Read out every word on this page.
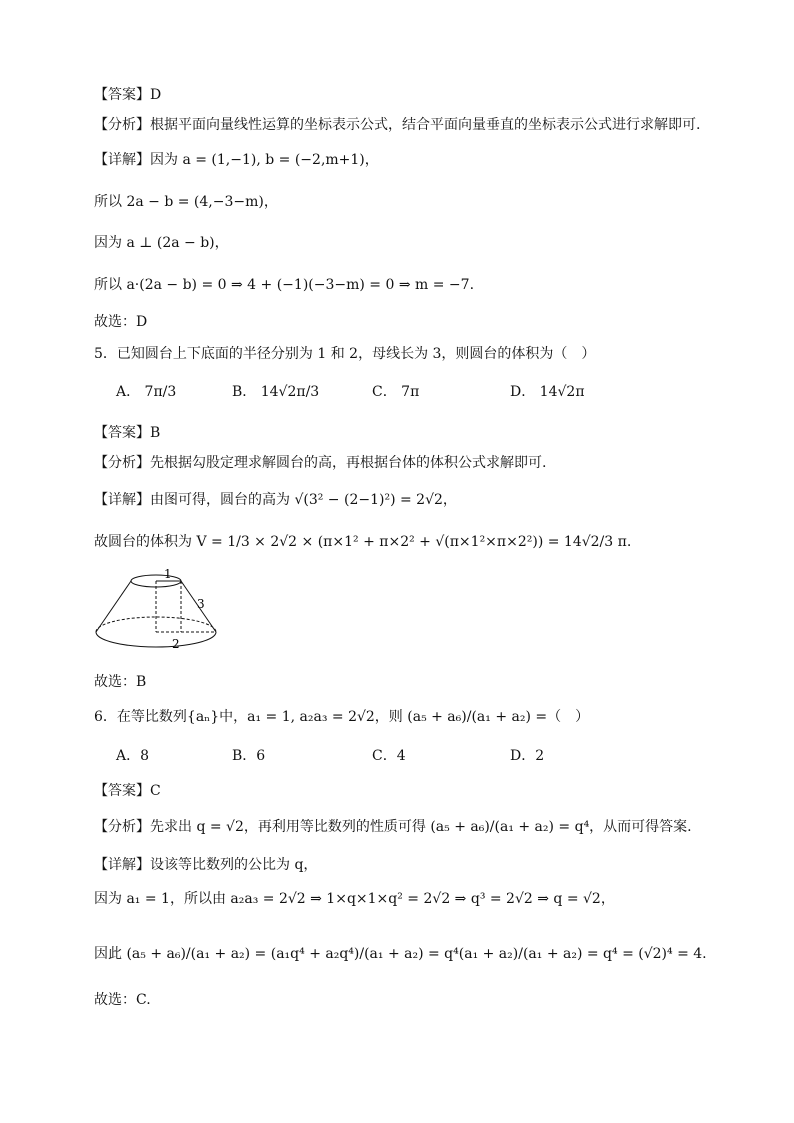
【答案】D
【分析】根据平面向量线性运算的坐标表示公式，结合平面向量垂直的坐标表示公式进行求解即可.
【详解】因为 a = (1,−1), b = (−2,m+1)，
所以 2a − b = (4,−3−m)，
因为 a ⊥ (2a − b)，
所以 a·(2a − b) = 0 ⇒ 4 + (−1)(−3−m) = 0 ⇒ m = −7.
故选：D
5．已知圆台上下底面的半径分别为 1 和 2，母线长为 3，则圆台的体积为（　）
A． 7π/3	B． 14√2π/3	C． 7π	D． 14√2π
【答案】B
【分析】先根据勾股定理求解圆台的高，再根据台体的体积公式求解即可.
【详解】由图可得，圆台的高为 √(3² − (2−1)²) = 2√2，
故圆台的体积为 V = 1/3 × 2√2 × (π×1² + π×2² + √(π×1²×π×2²)) = 14√2/3 π.
1
3
2
故选：B
6．在等比数列{aₙ}中，a₁ = 1, a₂a₃ = 2√2，则 (a₅ + a₆)/(a₁ + a₂) =（　）
A．8	B．6	C．4	D．2
【答案】C
【分析】先求出 q = √2，再利用等比数列的性质可得 (a₅ + a₆)/(a₁ + a₂) = q⁴，从而可得答案.
【详解】设该等比数列的公比为 q，
因为 a₁ = 1，所以由 a₂a₃ = 2√2 ⇒ 1×q×1×q² = 2√2 ⇒ q³ = 2√2 ⇒ q = √2，
因此 (a₅ + a₆)/(a₁ + a₂) = (a₁q⁴ + a₂q⁴)/(a₁ + a₂) = q⁴(a₁ + a₂)/(a₁ + a₂) = q⁴ = (√2)⁴ = 4.
故选：C.
